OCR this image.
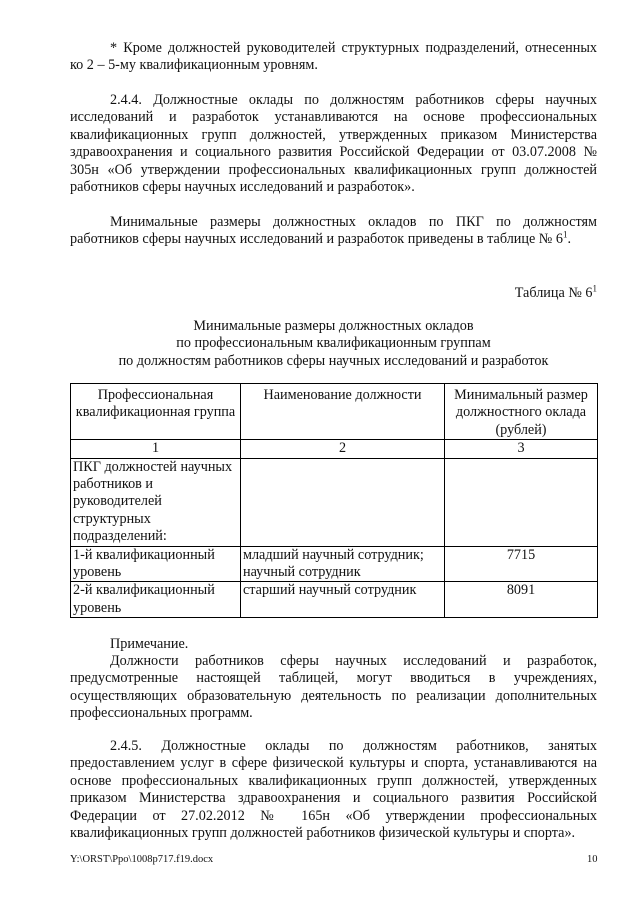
* Кроме должностей руководителей структурных подразделений, отнесенных ко 2 – 5-му квалификационным уровням.

2.4.4. Должностные оклады по должностям работников сферы научных исследований и разработок устанавливаются на основе профессиональных квалификационных групп должностей, утвержденных приказом Министерства здравоохранения и социального развития Российской Федерации от 03.07.2008 № 305н «Об утверждении профессиональных квалификационных групп должностей работников сферы научных исследований и разработок».

Минимальные размеры должностных окладов по ПКГ по должностям работников сферы научных исследований и разработок приведены в таблице № $6^1$.

Таблица № $6^1$

Минимальные размеры должностных окладов
по профессиональным квалификационным группам
по должностям работников сферы научных исследований и разработок
Профессиональная квалификационная группа	Наименование должности	Минимальный размер должностного оклада (рублей)
1	2	3
ПКГ должностей научных работников и руководителей структурных подразделений:		
1-й квалификационный уровень	младший научный сотрудник; научный сотрудник	7715
2-й квалификационный уровень	старший научный сотрудник	8091

Примечание.

Должности работников сферы научных исследований и разработок, предусмотренные настоящей таблицей, могут вводиться в учреждениях, осуществляющих образовательную деятельность по реализации дополнительных профессиональных программ.

2.4.5. Должностные оклады по должностям работников, занятых предоставлением услуг в сфере физической культуры и спорта, устанавливаются на основе профессиональных квалификационных групп должностей, утвержденных приказом Министерства здравоохранения и социального развития Российской Федерации от 27.02.2012 № 165н «Об утверждении профессиональных квалификационных групп должностей работников физической культуры и спорта».

Y:\ORST\Ppo\1008p717.f19.docx	10
